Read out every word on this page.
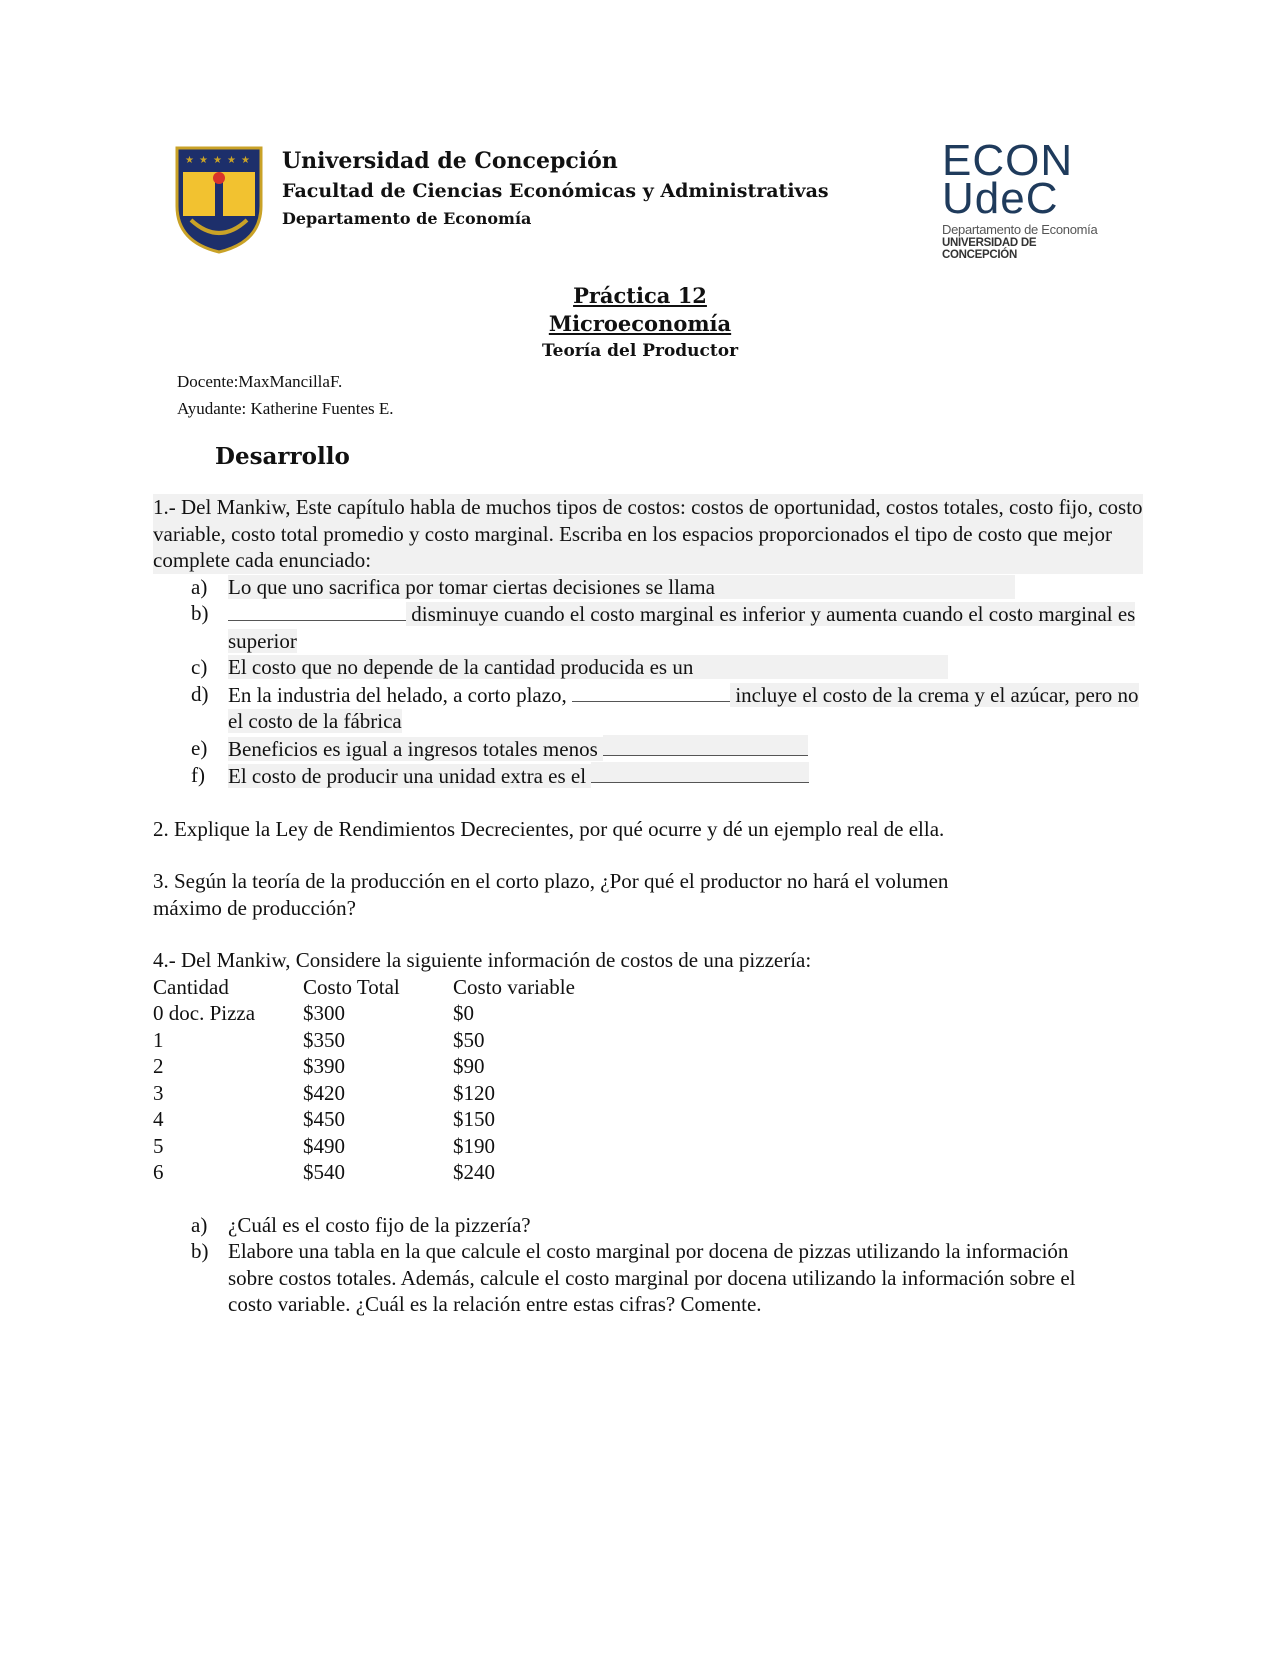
★ ★ ★ ★ ★ Universidad de Concepción
Facultad de Ciencias Económicas y Administrativas
Departamento de Economía
ECON
UdeC
Departamento de Economía
UNIVERSIDAD DE CONCEPCIÓN
Práctica 12
Microeconomía
Teoría del Productor
Docente:MaxMancillaF.
Ayudante: Katherine Fuentes E.
Desarrollo

1.- Del Mankiw, Este capítulo habla de muchos tipos de costos: costos de oportunidad, costos totales, costo fijo, costo variable, costo total promedio y costo marginal. Escriba en los espacios proporcionados el tipo de costo que mejor complete cada enunciado:

a) Lo que uno sacrifica por tomar ciertas decisiones se llama
b)	disminuye cuando el costo marginal es inferior y aumenta cuando el costo marginal es superior
c) El costo que no depende de la cantidad producida es un
d) En la industria del helado, a corto plazo,	incluye el costo de la crema y el azúcar, pero no el costo de la fábrica
e) Beneficios es igual a ingresos totales menos
f) El costo de producir una unidad extra es el
2. Explique la Ley de Rendimientos Decrecientes, por qué ocurre y dé un ejemplo real de ella.
3. Según la teoría de la producción en el corto plazo, ¿Por qué el productor no hará el volumen máximo de producción?
4.- Del Mankiw, Considere la siguiente información de costos de una pizzería:
Cantidad	Costo Total	Costo variable
0 doc. Pizza	$300	$0
1	$350	$50
2	$390	$90
3	$420	$120
4	$450	$150
5	$490	$190
6	$540	$240
a) ¿Cuál es el costo fijo de la pizzería?
b) Elabore una tabla en la que calcule el costo marginal por docena de pizzas utilizando la información sobre costos totales. Además, calcule el costo marginal por docena utilizando la información sobre el costo variable. ¿Cuál es la relación entre estas cifras? Comente.
